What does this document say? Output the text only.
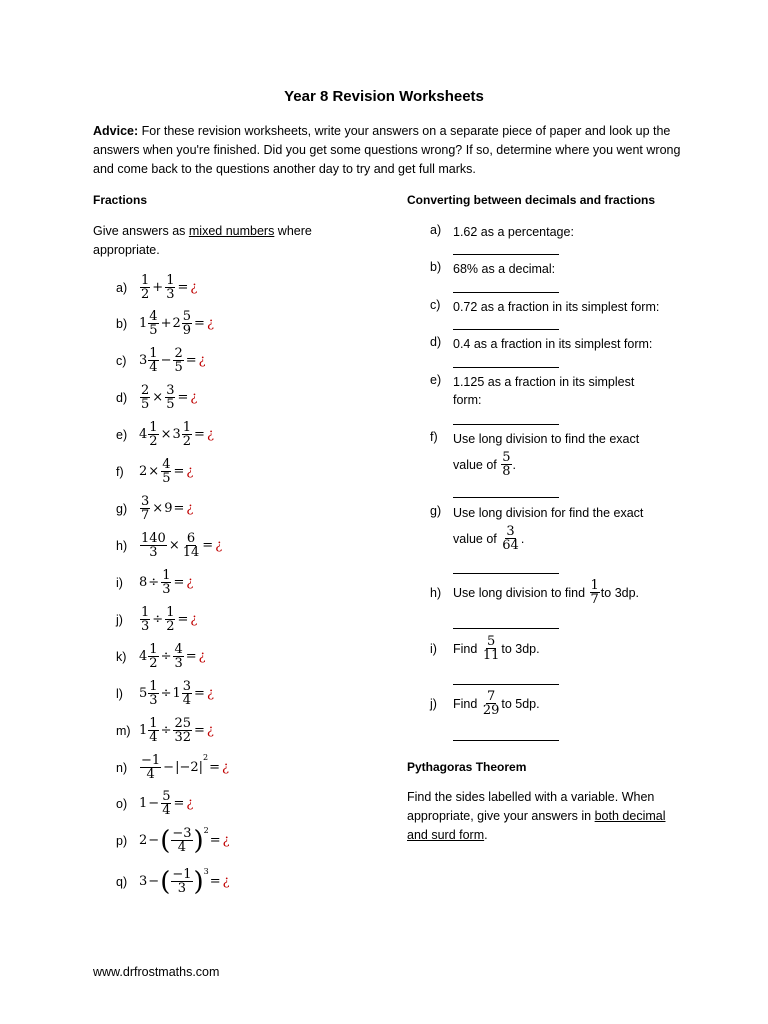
Year 8 Revision Worksheets
Advice: For these revision worksheets, write your answers on a separate piece of paper and look up the answers when you're finished. Did you get some questions wrong? If so, determine where you went wrong and come back to the questions another day to try and get full marks.
Fractions
Give answers as mixed numbers where appropriate.
$a) \frac{1}{2} + \frac{1}{3}$ = ¿
b) $1 \frac{4}{5} + 2 \frac{5}{9}$ = ¿
c) $3 \frac{1}{4} - \frac{2}{5}$ = ¿
$d) \frac{2}{5} \times \frac{3}{5}$ = ¿
e) $4 \frac{1}{2} \times 3 \frac{1}{2}$ = ¿
f)	$2 \times \frac{4}{5}$ = ¿
$g) \frac{3}{7} \times 9$ = ¿
$h) \frac{140}{3} \times \frac{6}{14}$ = ¿
i)	$8 \div \frac{1}{3}$ = ¿
j)	$\frac{1}{3} \div \frac{1}{2}$ = ¿
k) $4 \frac{1}{2} \div \frac{4}{3}$ = ¿
l)	$5 \frac{1}{3} \div 1 \frac{3}{4}$ = ¿
m) $1 \frac{1}{4} \div \frac{25}{32}$ = ¿
$n) \frac{-1}{4} - |-2|$
2
= ¿
o) $1 - \frac{5}{4}$ = ¿
p) 2 − ( $\frac{-3}{4}$ ) 2
= ¿
q) 3 − ( $\frac{-1}{3}$ ) 3
= ¿
Converting between decimals and fractions
a) 1.62 as a percentage:
b) 68% as a decimal:
c) 0.72 as a fraction in its simplest form:
d) 0.4 as a fraction in its simplest form:
e) 1.125 as a fraction in its simplest form:
f) Use long division to find the exact
value of
$\frac{5}{8}$ .
g) Use long division for find the exact
value of
$\frac{3}{64}$ .
h) Use long division to find
$\frac{1}{7}$ to 3dp.
i)	Find
$\frac{5}{11}$ to 3dp.
j)	Find
$\frac{7}{29}$ to 5dp.
Pythagoras Theorem
Find the sides labelled with a variable. When appropriate, give your answers in both decimal and surd form.
www.drfrostmaths.com
